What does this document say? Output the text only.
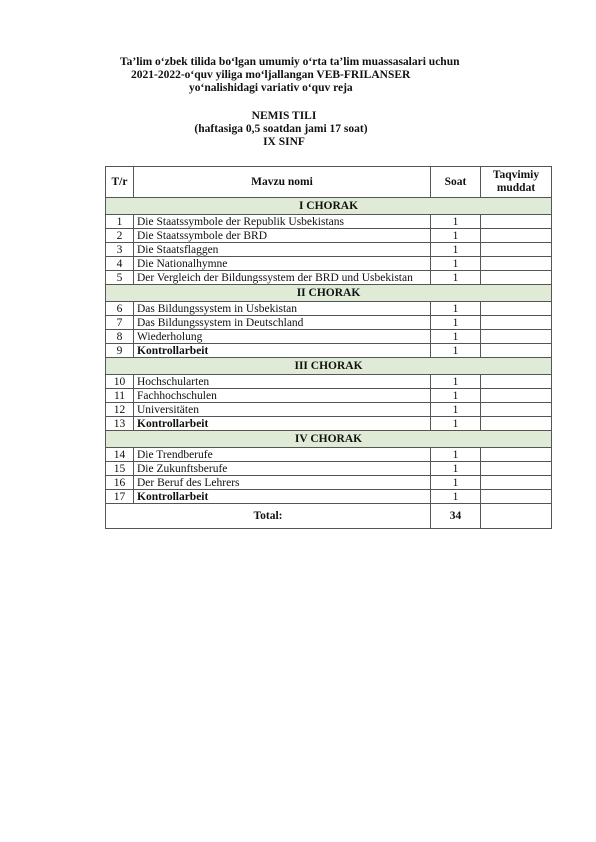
Ta’lim o‘zbek tilida bo‘lgan umumiy o‘rta ta’lim muassasalari uchun
2021-2022-o‘quv yiliga mo‘ljallangan VEB-FRILANSER
yo‘nalishidagi variativ o‘quv reja
NEMIS TILI
(haftasiga 0,5 soatdan jami 17 soat)
IX SINF
T/r	Mavzu nomi	Soat	Taqvimiy muddat
I CHORAK			
1	Die Staatssymbole der Republik Usbekistans	1	
2	Die Staatssymbole der BRD	1	
3	Die Staatsflaggen	1	
4	Die Nationalhymne	1	
5	Der Vergleich der Bildungssystem der BRD und Usbekistan	1	
II CHORAK			
6	Das Bildungssystem in Usbekistan	1	
7	Das Bildungssystem in Deutschland	1	
8	Wiederholung	1	
9	Kontrollarbeit	1	
III CHORAK			
10	Hochschularten	1	
11	Fachhochschulen	1	
12	Universitäten	1	
13	Kontrollarbeit	1	
IV CHORAK			
14	Die Trendberufe	1	
15	Die Zukunftsberufe	1	
16	Der Beruf des Lehrers	1	
17	Kontrollarbeit	1	
Total:		34	
